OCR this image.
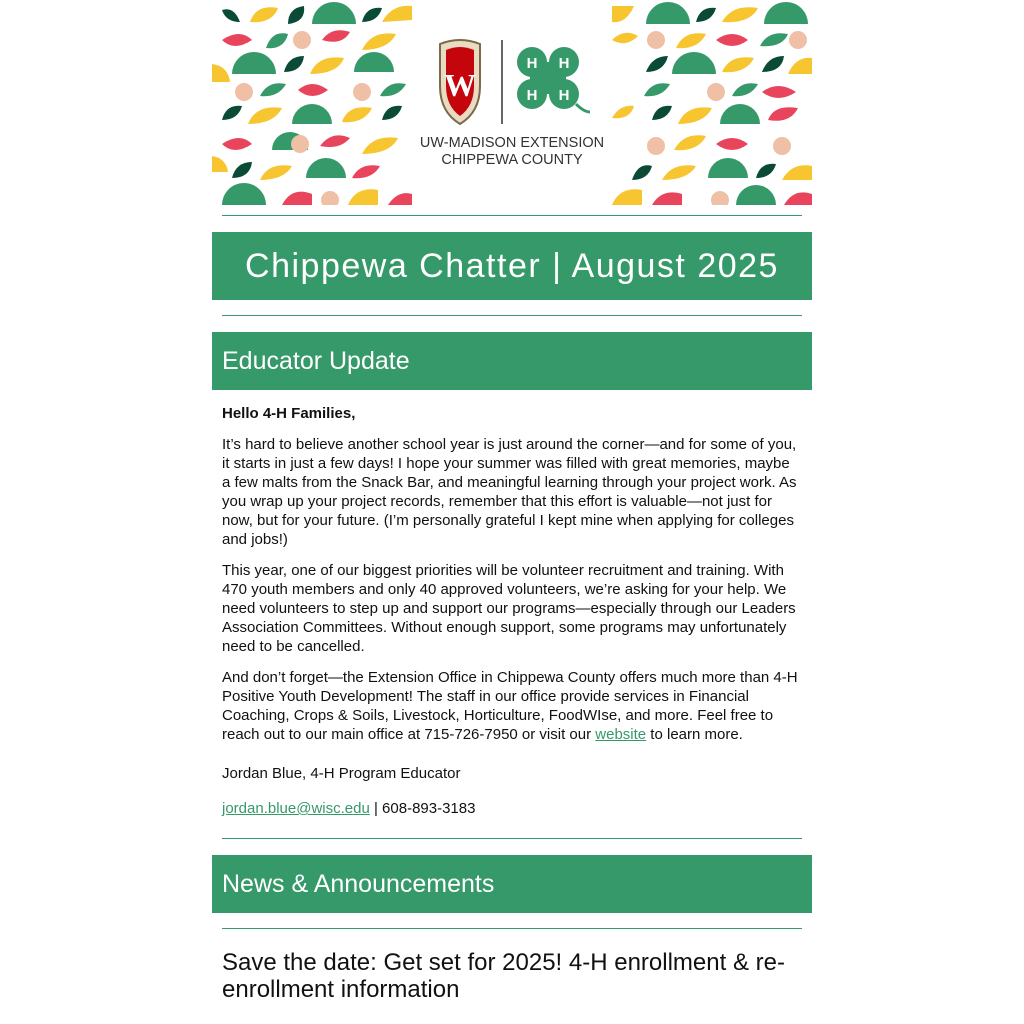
W
H H
H H
UW-MADISON EXTENSION
CHIPPEWA COUNTY
Chippewa Chatter | August 2025
Educator Update

Hello 4-H Families,

It’s hard to believe another school year is just around the corner—and for some of you, it starts in just a few days! I hope your summer was filled with great memories, maybe a few malts from the Snack Bar, and meaningful learning through your project work. As you wrap up your project records, remember that this effort is valuable—not just for now, but for your future. (I’m personally grateful I kept mine when applying for colleges and jobs!)

This year, one of our biggest priorities will be volunteer recruitment and training. With 470 youth members and only 40 approved volunteers, we’re asking for your help. We need volunteers to step up and support our programs—especially through our Leaders Association Committees. Without enough support, some programs may unfortunately need to be cancelled.

And don’t forget—the Extension Office in Chippewa County offers much more than 4-H Positive Youth Development! The staff in our office provide services in Financial Coaching, Crops & Soils, Livestock, Horticulture, FoodWIse, and more. Feel free to reach out to our main office at 715-726-7950 or visit our website to learn more.

Jordan Blue, 4-H Program Educator

jordan.blue@wisc.edu | 608-893-3183

News & Announcements
Save the date: Get set for 2025! 4-H enrollment & re-enrollment information
